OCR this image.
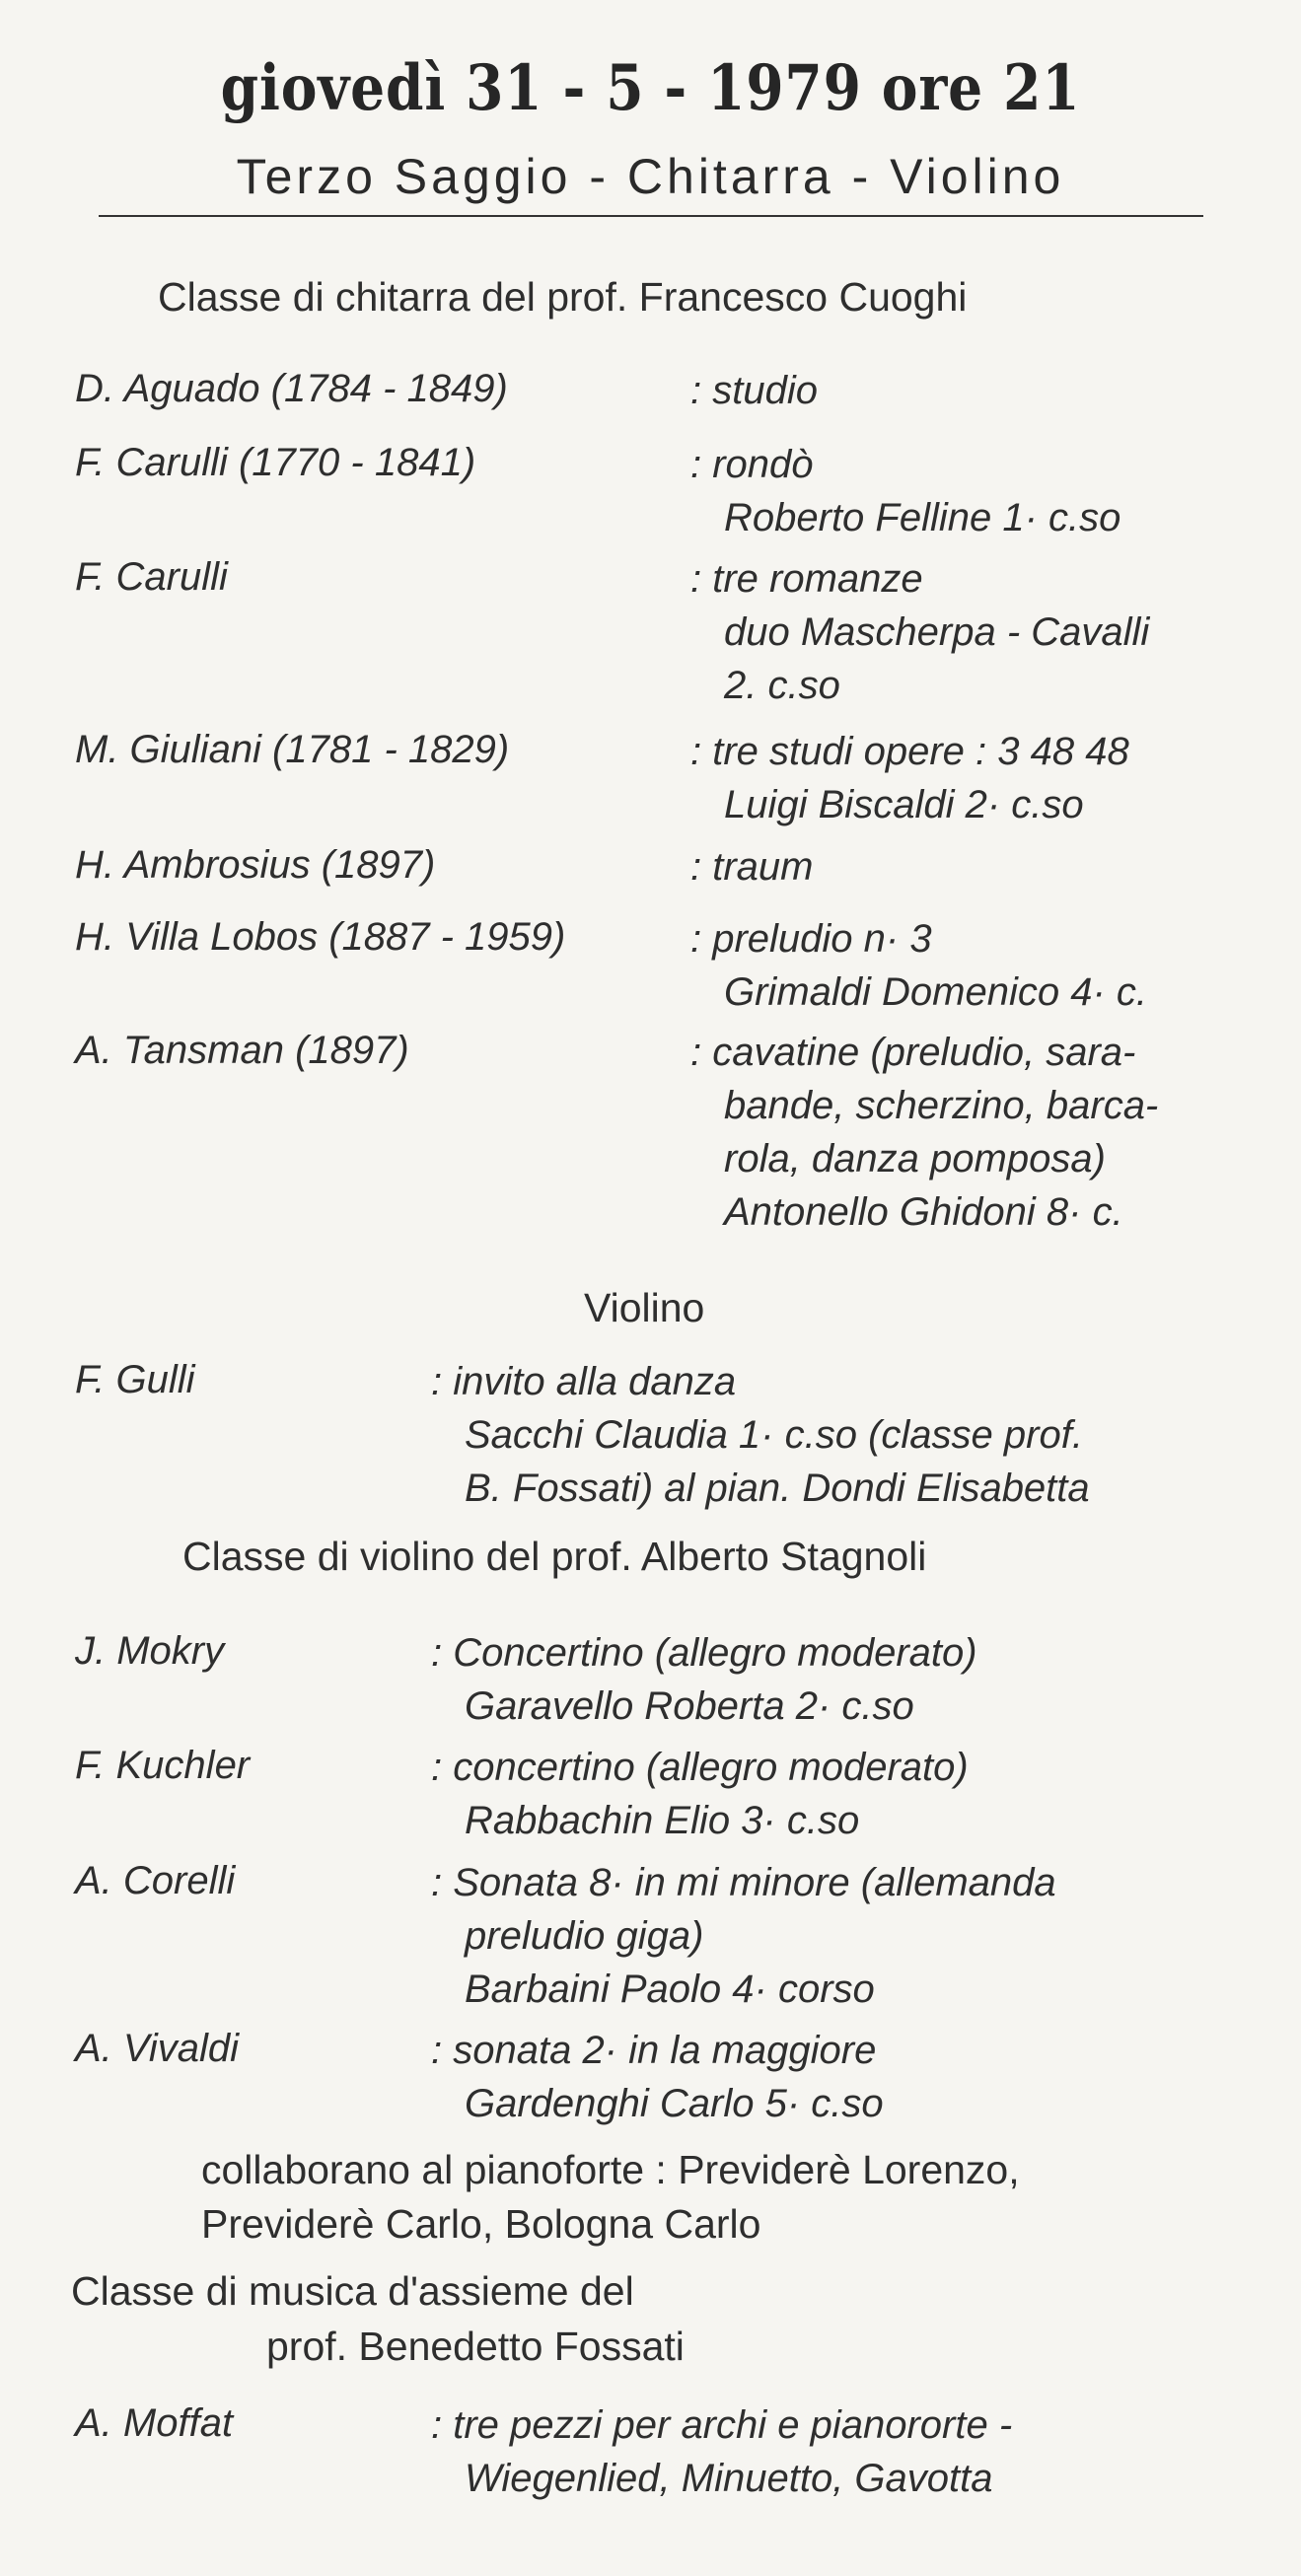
giovedì 31 - 5 - 1979 ore 21
Terzo Saggio - Chitarra - Violino
Classe di chitarra del prof. Francesco Cuoghi
D. Aguado (1784 - 1849)	: studio
F. Carulli (1770 - 1841)	: rondò
Roberto Felline 1· c.so
F. Carulli	: tre romanze
duo Mascherpa - Cavalli
2. c.so
M. Giuliani (1781 - 1829)	: tre studi opere : 3 48 48
Luigi Biscaldi 2· c.so
H. Ambrosius (1897)	: traum
H. Villa Lobos (1887 - 1959)	: preludio n· 3
Grimaldi Domenico 4· c.
A. Tansman (1897)	: cavatine (preludio, sara-
bande, scherzino, barca-
rola, danza pomposa)
Antonello Ghidoni 8· c.
Violino
F. Gulli	: invito alla danza
Sacchi Claudia 1· c.so (classe prof.
B. Fossati) al pian. Dondi Elisabetta
Classe di violino del prof. Alberto Stagnoli
J. Mokry	: Concertino (allegro moderato)
Garavello Roberta 2· c.so
F. Kuchler	: concertino (allegro moderato)
Rabbachin Elio 3· c.so
A. Corelli	: Sonata 8· in mi minore (allemanda
preludio giga)
Barbaini Paolo 4· corso
A. Vivaldi	: sonata 2· in la maggiore
Gardenghi Carlo 5· c.so
collaborano al pianoforte : Previderè Lorenzo,
Previderè Carlo, Bologna Carlo
Classe di musica d'assieme del
prof. Benedetto Fossati
A. Moffat	: tre pezzi per archi e pianororte -
Wiegenlied, Minuetto, Gavotta
